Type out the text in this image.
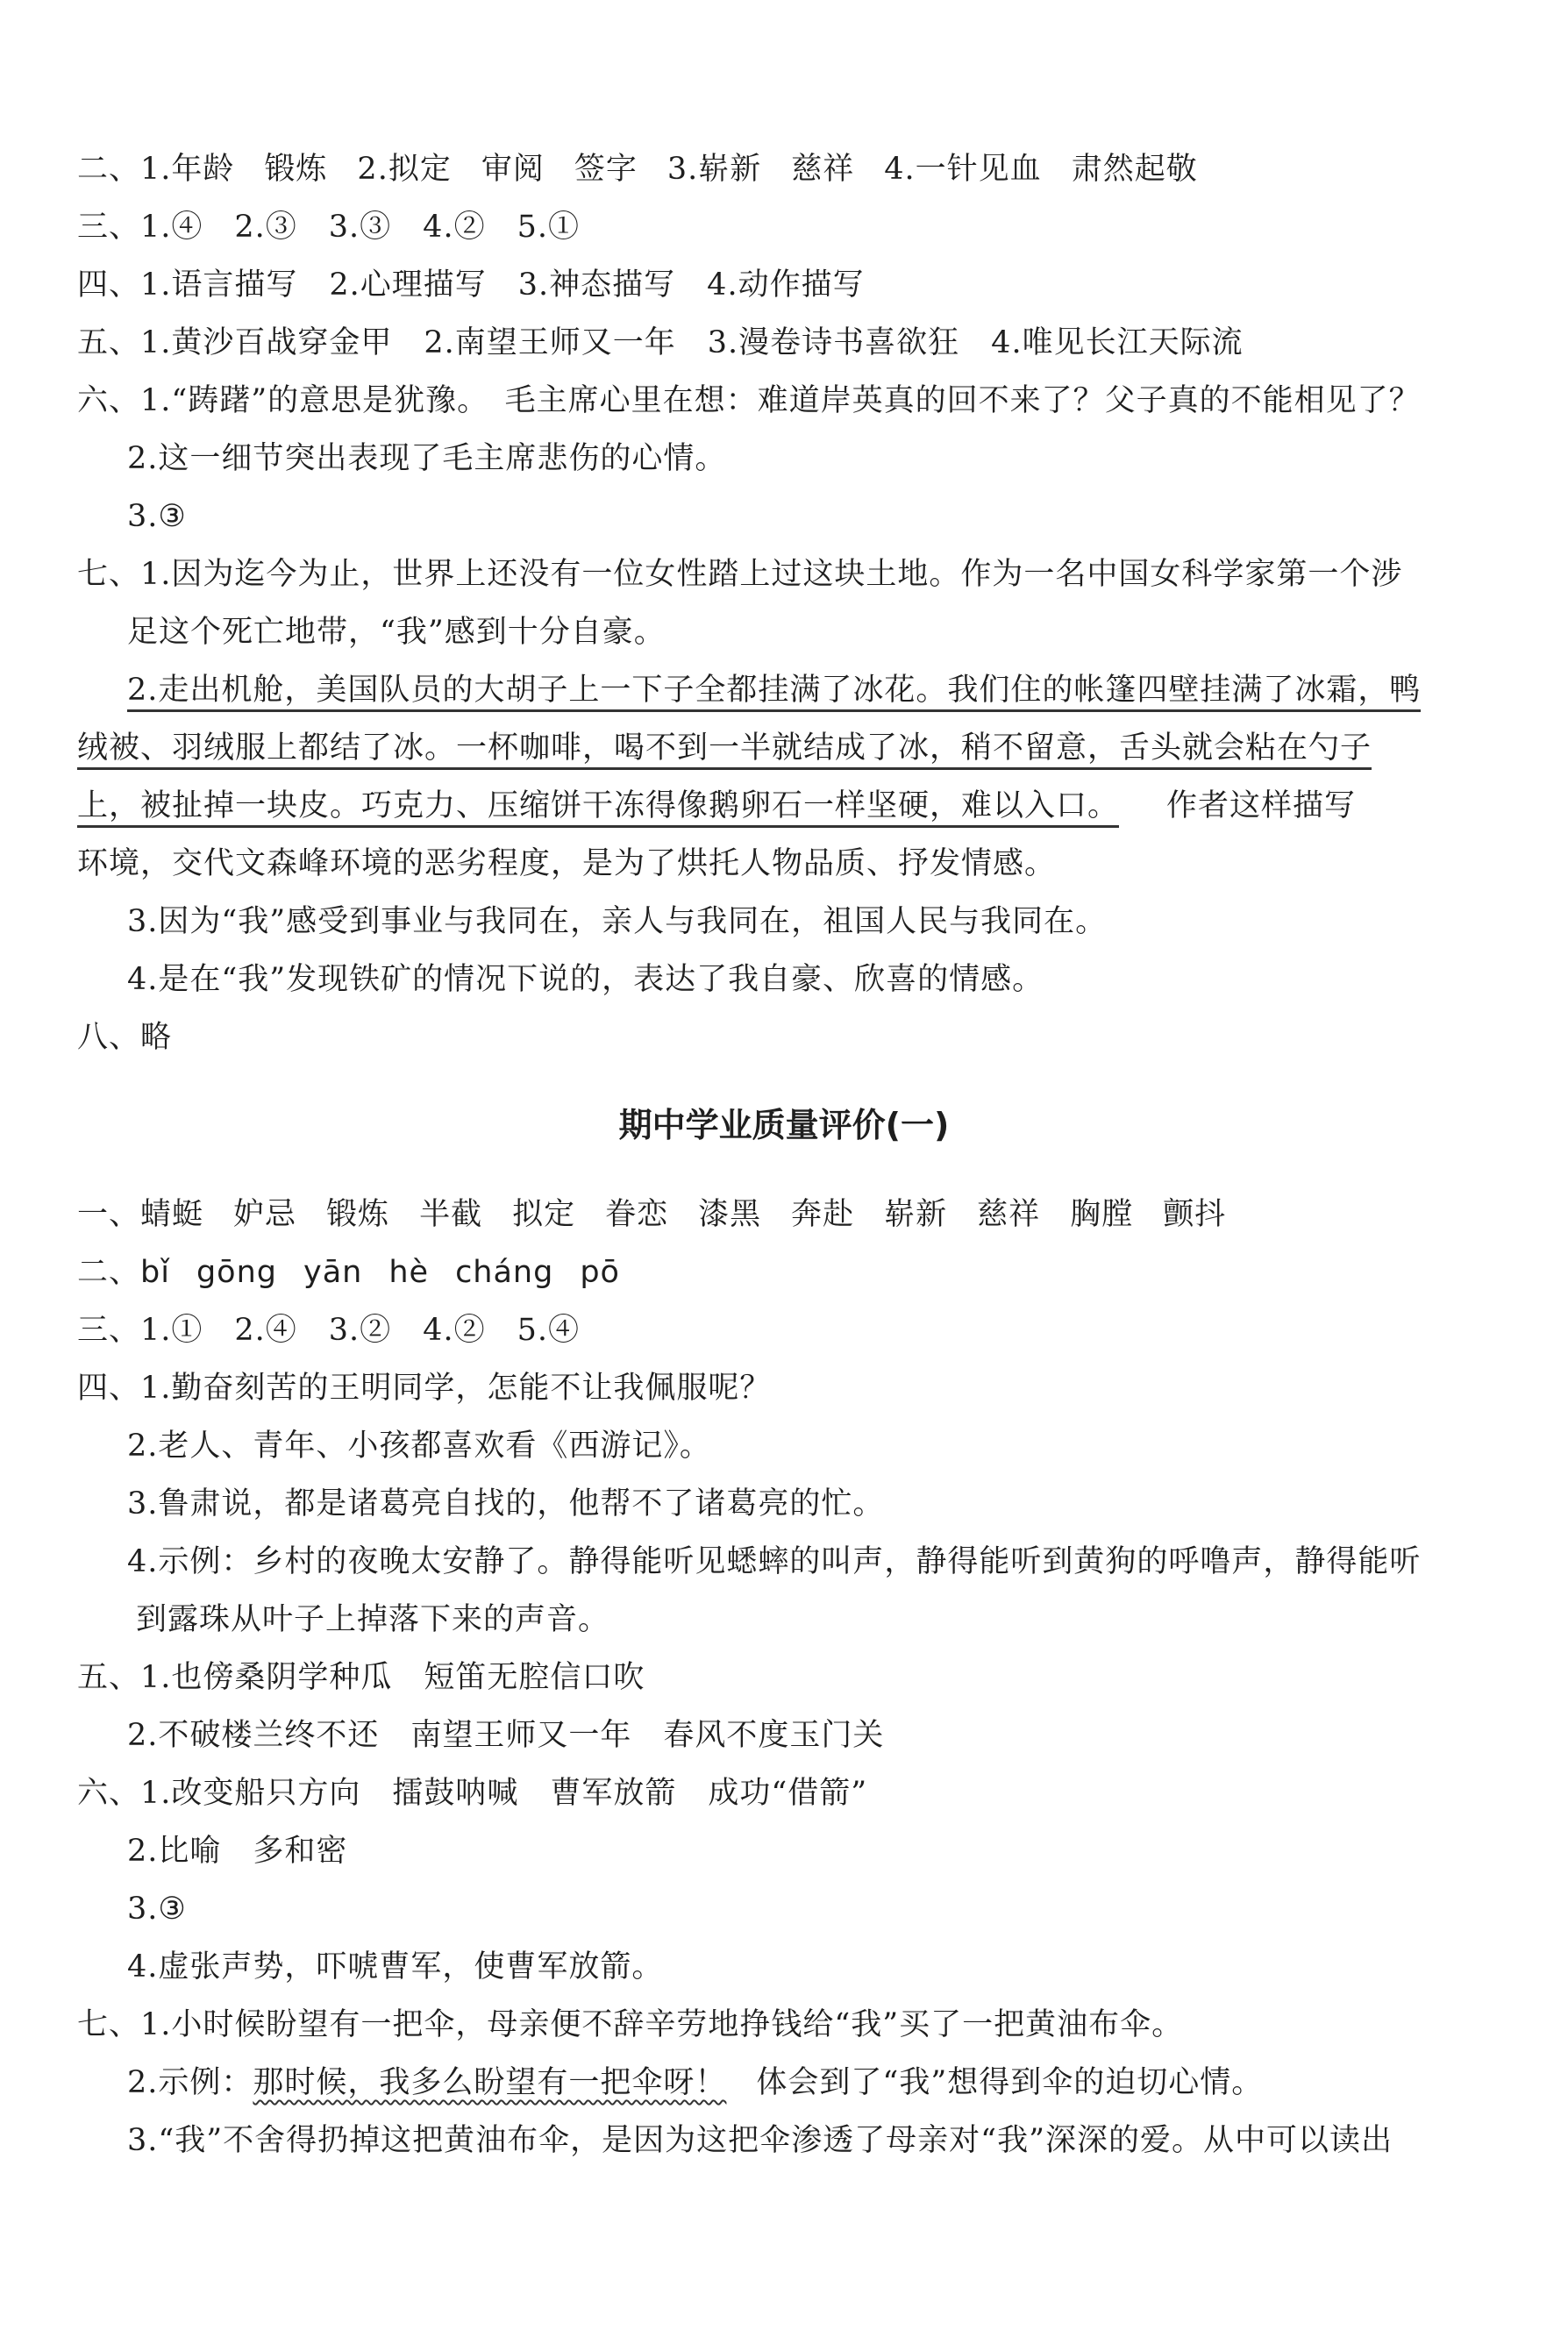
二、1.年龄 锻炼 2.拟定 审阅 签字 3.崭新 慈祥 4.一针见血 肃然起敬
三、1.④　2.③　3.③　4.②　5.①
四、1.语言描写　2.心理描写　3.神态描写　4.动作描写
五、1.黄沙百战穿金甲　2.南望王师又一年　3.漫卷诗书喜欲狂　4.唯见长江天际流
六、1.“踌躇”的意思是犹豫。　毛主席心里在想：难道岸英真的回不来了？父子真的不能相见了？
2.这一细节突出表现了毛主席悲伤的心情。
3.③
七、1.因为迄今为止，世界上还没有一位女性踏上过这块土地。作为一名中国女科学家第一个涉
足这个死亡地带，“我”感到十分自豪。
2.走出机舱，美国队员的大胡子上一下子全都挂满了冰花。我们住的帐篷四壁挂满了冰霜，鸭
绒被、羽绒服上都结了冰。一杯咖啡，喝不到一半就结成了冰，稍不留意，舌头就会粘在勺子
上，被扯掉一块皮。巧克力、压缩饼干冻得像鹅卵石一样坚硬，难以入口。 作者这样描写
环境，交代文森峰环境的恶劣程度，是为了烘托人物品质、抒发情感。
3.因为“我”感受到事业与我同在，亲人与我同在，祖国人民与我同在。
4.是在“我”发现铁矿的情况下说的，表达了我自豪、欣喜的情感。
八、略
期中学业质量评价(一)
一、蜻蜓 妒忌 锻炼 半截 拟定 眷恋 漆黑 奔赴 崭新 慈祥 胸膛 颤抖
二、bǐ gōng yān hè cháng pō
三、1.①　2.④　3.②　4.②　5.④
四、1.勤奋刻苦的王明同学，怎能不让我佩服呢？
2.老人、青年、小孩都喜欢看《西游记》。
3.鲁肃说，都是诸葛亮自找的，他帮不了诸葛亮的忙。
4.示例：乡村的夜晚太安静了。静得能听见蟋蟀的叫声，静得能听到黄狗的呼噜声，静得能听
到露珠从叶子上掉落下来的声音。
五、1.也傍桑阴学种瓜　短笛无腔信口吹
2.不破楼兰终不还　南望王师又一年　春风不度玉门关
六、1.改变船只方向　擂鼓呐喊　曹军放箭　成功“借箭”
2.比喻　多和密
3.③
4.虚张声势，吓唬曹军，使曹军放箭。
七、1.小时候盼望有一把伞，母亲便不辞辛劳地挣钱给“我”买了一把黄油布伞。
2.示例：那时候，我多么盼望有一把伞呀！ 体会到了“我”想得到伞的迫切心情。
3.“我”不舍得扔掉这把黄油布伞，是因为这把伞渗透了母亲对“我”深深的爱。从中可以读出
